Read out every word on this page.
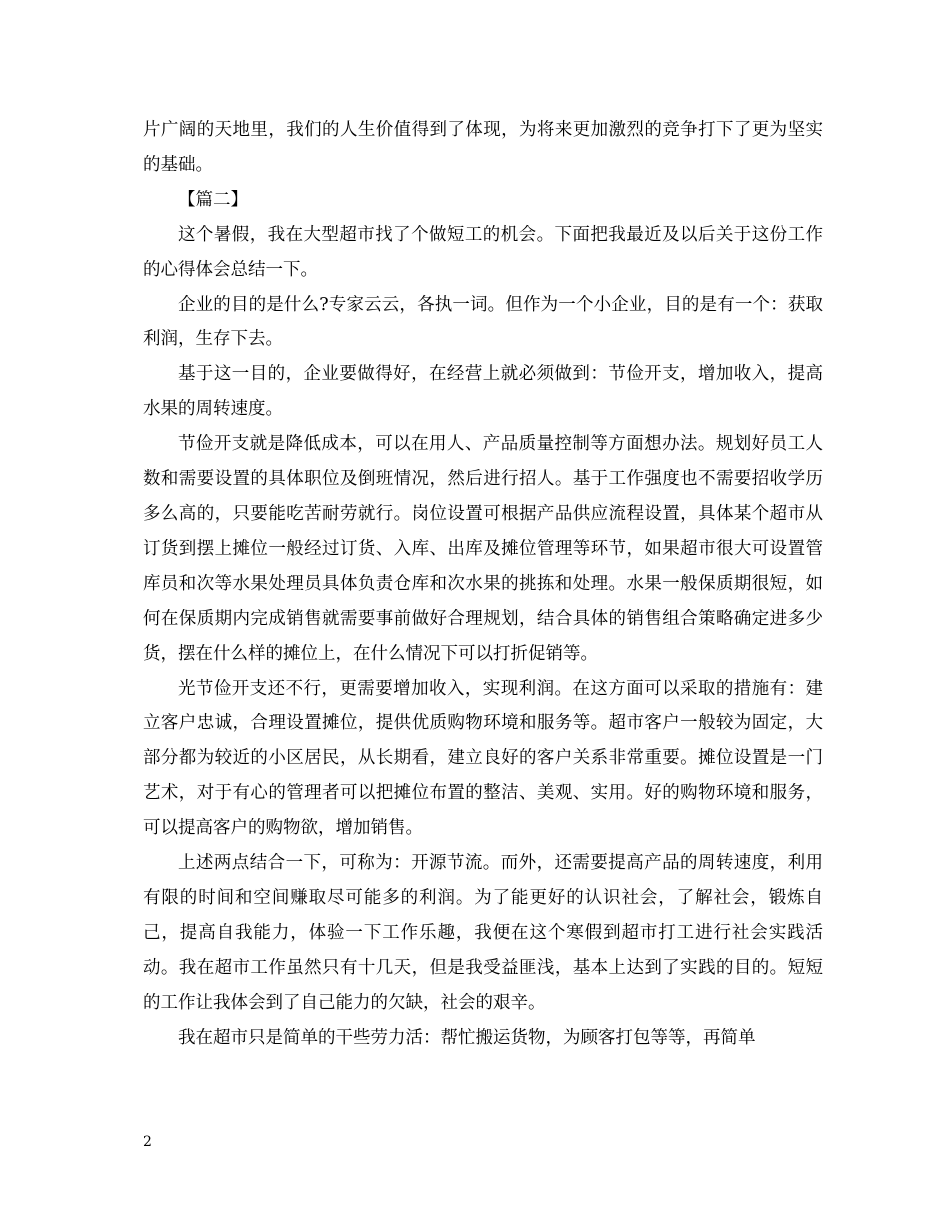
片广阔的天地里，我们的人生价值得到了体现，为将来更加激烈的竞争打下了更为坚实的基础。

【篇二】

这个暑假，我在大型超市找了个做短工的机会。下面把我最近及以后关于这份工作的心得体会总结一下。

企业的目的是什么?专家云云，各执一词。但作为一个小企业，目的是有一个：获取利润，生存下去。

基于这一目的，企业要做得好，在经营上就必须做到：节俭开支，增加收入，提高水果的周转速度。

节俭开支就是降低成本，可以在用人、产品质量控制等方面想办法。规划好员工人数和需要设置的具体职位及倒班情况，然后进行招人。基于工作强度也不需要招收学历多么高的，只要能吃苦耐劳就行。岗位设置可根据产品供应流程设置，具体某个超市从订货到摆上摊位一般经过订货、入库、出库及摊位管理等环节，如果超市很大可设置管库员和次等水果处理员具体负责仓库和次水果的挑拣和处理。水果一般保质期很短，如何在保质期内完成销售就需要事前做好合理规划，结合具体的销售组合策略确定进多少货，摆在什么样的摊位上，在什么情况下可以打折促销等。

光节俭开支还不行，更需要增加收入，实现利润。在这方面可以采取的措施有：建立客户忠诚，合理设置摊位，提供优质购物环境和服务等。超市客户一般较为固定，大部分都为较近的小区居民，从长期看，建立良好的客户关系非常重要。摊位设置是一门艺术，对于有心的管理者可以把摊位布置的整洁、美观、实用。好的购物环境和服务，可以提高客户的购物欲，增加销售。

上述两点结合一下，可称为：开源节流。而外，还需要提高产品的周转速度，利用有限的时间和空间赚取尽可能多的利润。为了能更好的认识社会，了解社会，锻炼自己，提高自我能力，体验一下工作乐趣，我便在这个寒假到超市打工进行社会实践活动。我在超市工作虽然只有十几天，但是我受益匪浅，基本上达到了实践的目的。短短的工作让我体会到了自己能力的欠缺，社会的艰辛。

我在超市只是简单的干些劳力活：帮忙搬运货物，为顾客打包等等，再简单

2
